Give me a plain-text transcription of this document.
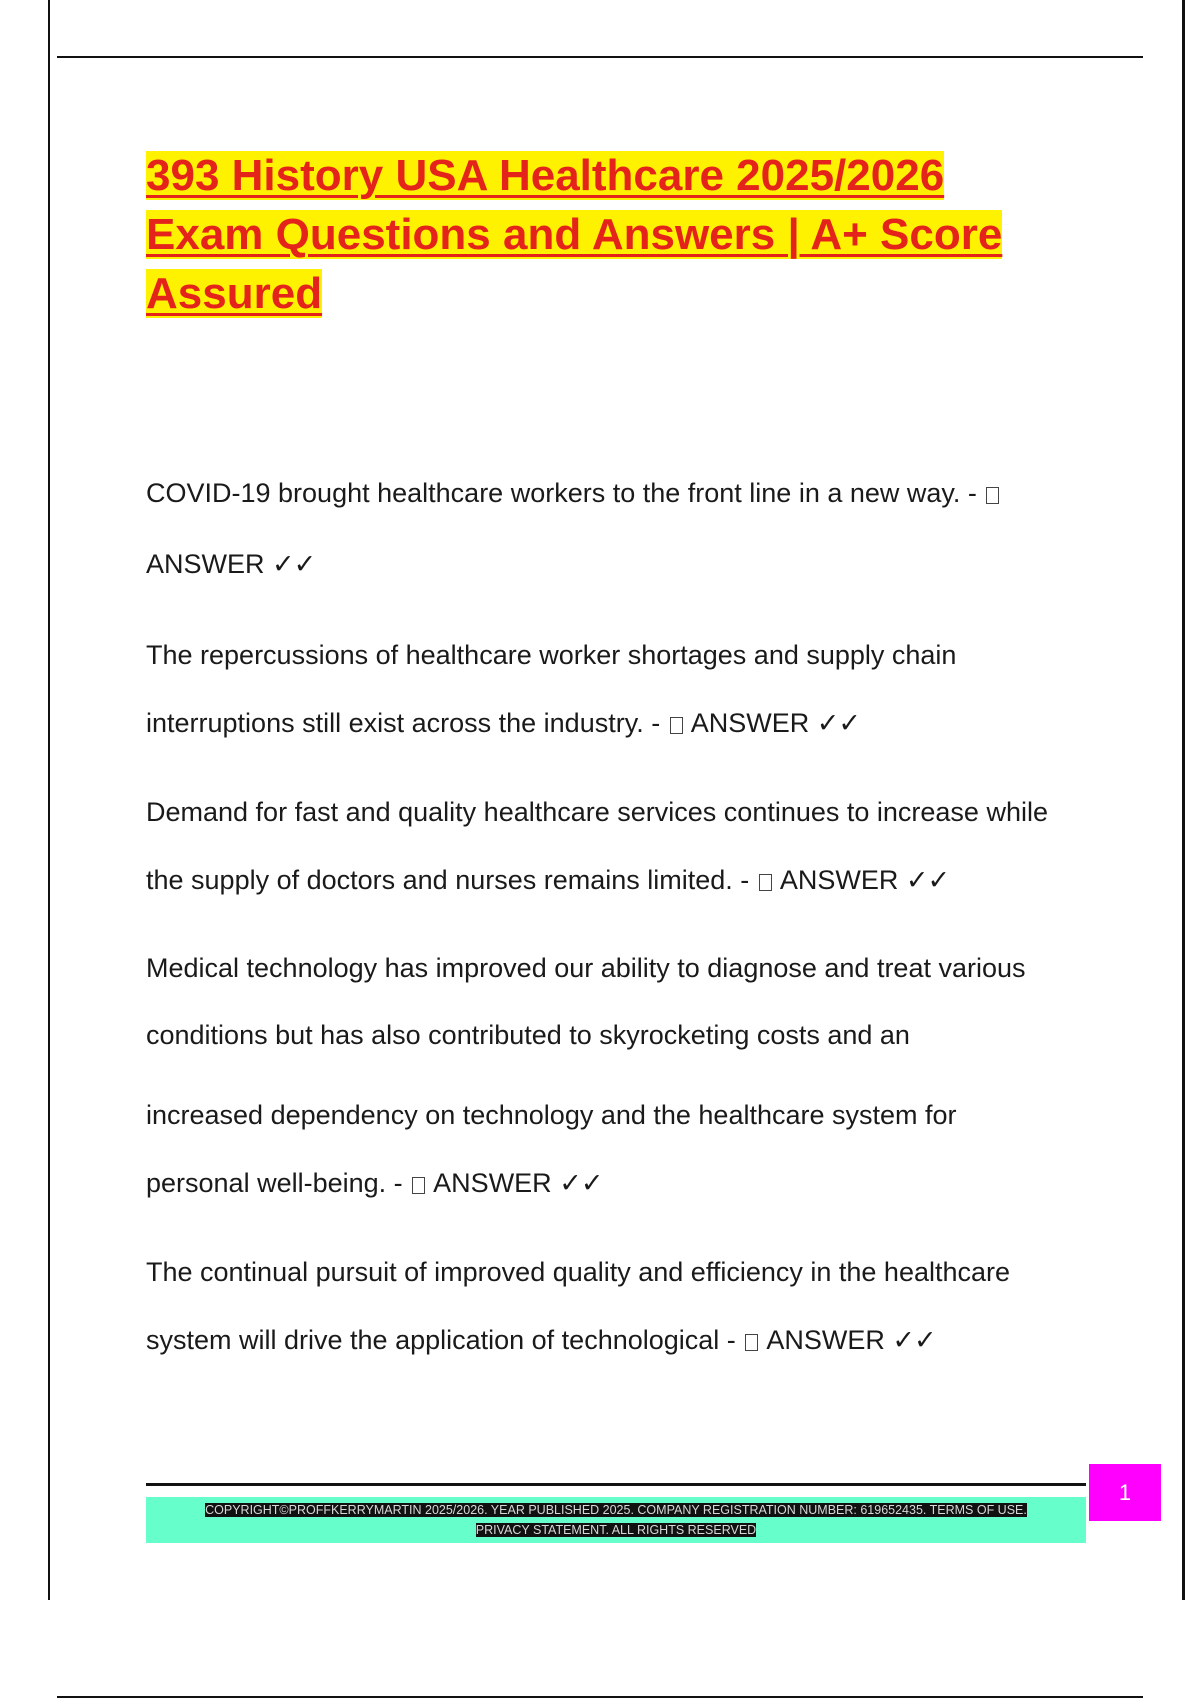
393 History USA Healthcare 2025/2026
Exam Questions and Answers | A+ Score
Assured
COVID-19 brought healthcare workers to the front line in a new way. -
ANSWER ✓✓
The repercussions of healthcare worker shortages and supply chain
interruptions still exist across the industry. - ANSWER ✓✓
Demand for fast and quality healthcare services continues to increase while
the supply of doctors and nurses remains limited. - ANSWER ✓✓
Medical technology has improved our ability to diagnose and treat various
conditions but has also contributed to skyrocketing costs and an
increased dependency on technology and the healthcare system for
personal well-being. - ANSWER ✓✓
The continual pursuit of improved quality and efficiency in the healthcare
system will drive the application of technological - ANSWER ✓✓
COPYRIGHT©PROFFKERRYMARTIN 2025/2026. YEAR PUBLISHED 2025. COMPANY REGISTRATION NUMBER: 619652435. TERMS OF USE.
PRIVACY STATEMENT. ALL RIGHTS RESERVED
1
